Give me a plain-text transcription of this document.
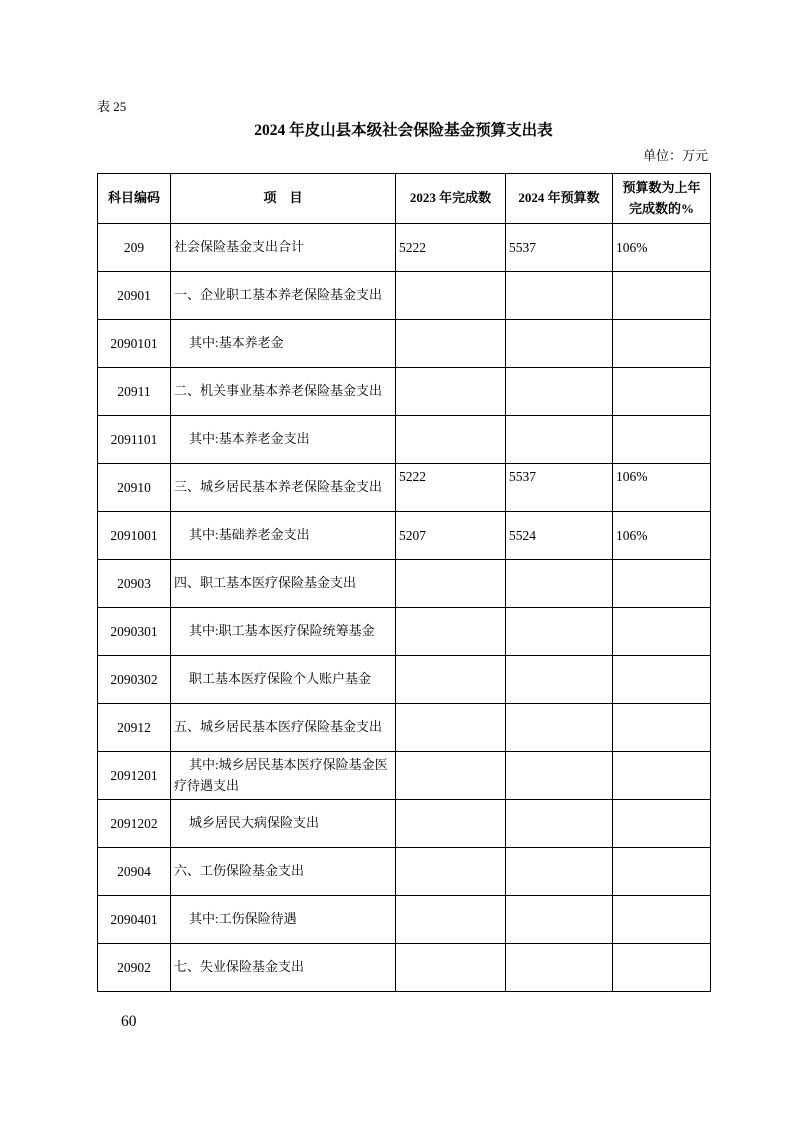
表 25
2024 年皮山县本级社会保险基金预算支出表
单位：万元
科目编码	项　目	2023 年完成数	2024 年预算数	预算数为上年完成数的%
209	社会保险基金支出合计	5222	5537	106%
20901	一、企业职工基本养老保险基金支出			
2090101	其中:基本养老金			
20911	二、机关事业基本养老保险基金支出			
2091101	其中:基本养老金支出			
20910	三、城乡居民基本养老保险基金支出	5222	5537	106%
2091001	其中:基础养老金支出	5207	5524	106%
20903	四、职工基本医疗保险基金支出			
2090301	其中:职工基本医疗保险统筹基金			
2090302	职工基本医疗保险个人账户基金			
20912	五、城乡居民基本医疗保险基金支出			
2091201	其中:城乡居民基本医疗保险基金医疗待遇支出			
2091202	城乡居民大病保险支出			
20904	六、工伤保险基金支出			
2090401	其中:工伤保险待遇			
20902	七、失业保险基金支出			
60
